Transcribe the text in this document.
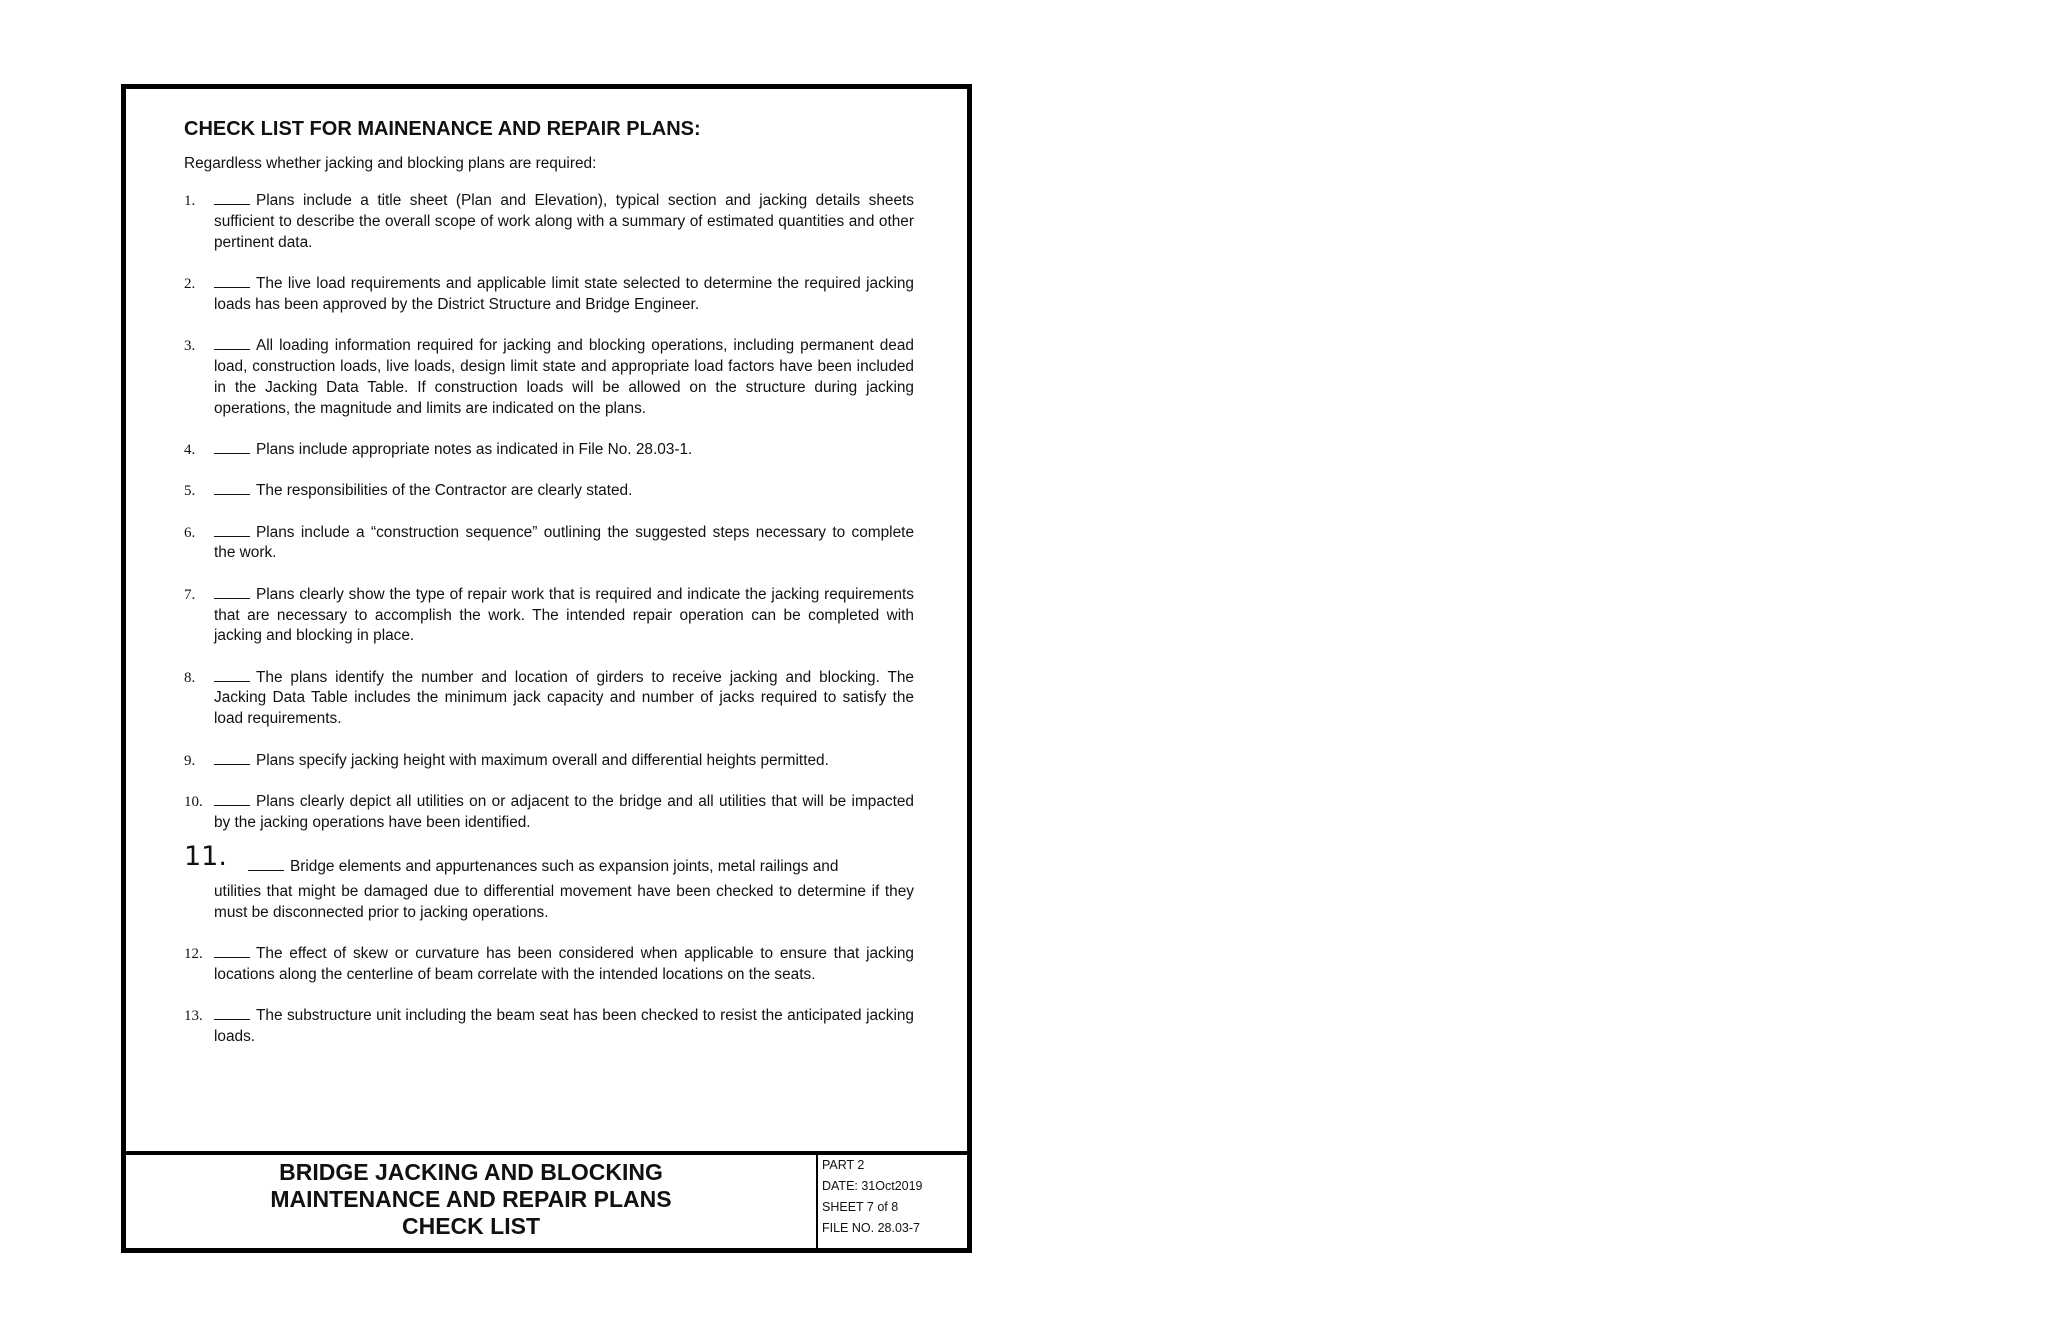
CHECK LIST FOR MAINENANCE AND REPAIR PLANS:
Regardless whether jacking and blocking plans are required:
1.	Plans include a title sheet (Plan and Elevation), typical section and jacking details sheets sufficient to describe the overall scope of work along with a summary of estimated quantities and other pertinent data.
2.	The live load requirements and applicable limit state selected to determine the required jacking loads has been approved by the District Structure and Bridge Engineer.
3.	All loading information required for jacking and blocking operations, including permanent dead load, construction loads, live loads, design limit state and appropriate load factors have been included in the Jacking Data Table. If construction loads will be allowed on the structure during jacking operations, the magnitude and limits are indicated on the plans.
4.	Plans include appropriate notes as indicated in File No. 28.03-1.
5.	The responsibilities of the Contractor are clearly stated.
6.	Plans include a “construction sequence” outlining the suggested steps necessary to complete the work.
7.	Plans clearly show the type of repair work that is required and indicate the jacking requirements that are necessary to accomplish the work. The intended repair operation can be completed with jacking and blocking in place.
8.	The plans identify the number and location of girders to receive jacking and blocking. The Jacking Data Table includes the minimum jack capacity and number of jacks required to satisfy the load requirements.
9.	Plans specify jacking height with maximum overall and differential heights permitted.
10.	Plans clearly depict all utilities on or adjacent to the bridge and all utilities that will be impacted by the jacking operations have been identified.
11.	Bridge elements and appurtenances such as expansion joints, metal railings and
utilities that might be damaged due to differential movement have been checked to determine if they must be disconnected prior to jacking operations.
12.	The effect of skew or curvature has been considered when applicable to ensure that jacking locations along the centerline of beam correlate with the intended locations on the seats.
13.	The substructure unit including the beam seat has been checked to resist the anticipated jacking loads.
BRIDGE JACKING AND BLOCKING
MAINTENANCE AND REPAIR PLANS
CHECK LIST
PART 2
DATE: 31Oct2019
SHEET 7 of 8
FILE NO. 28.03-7
